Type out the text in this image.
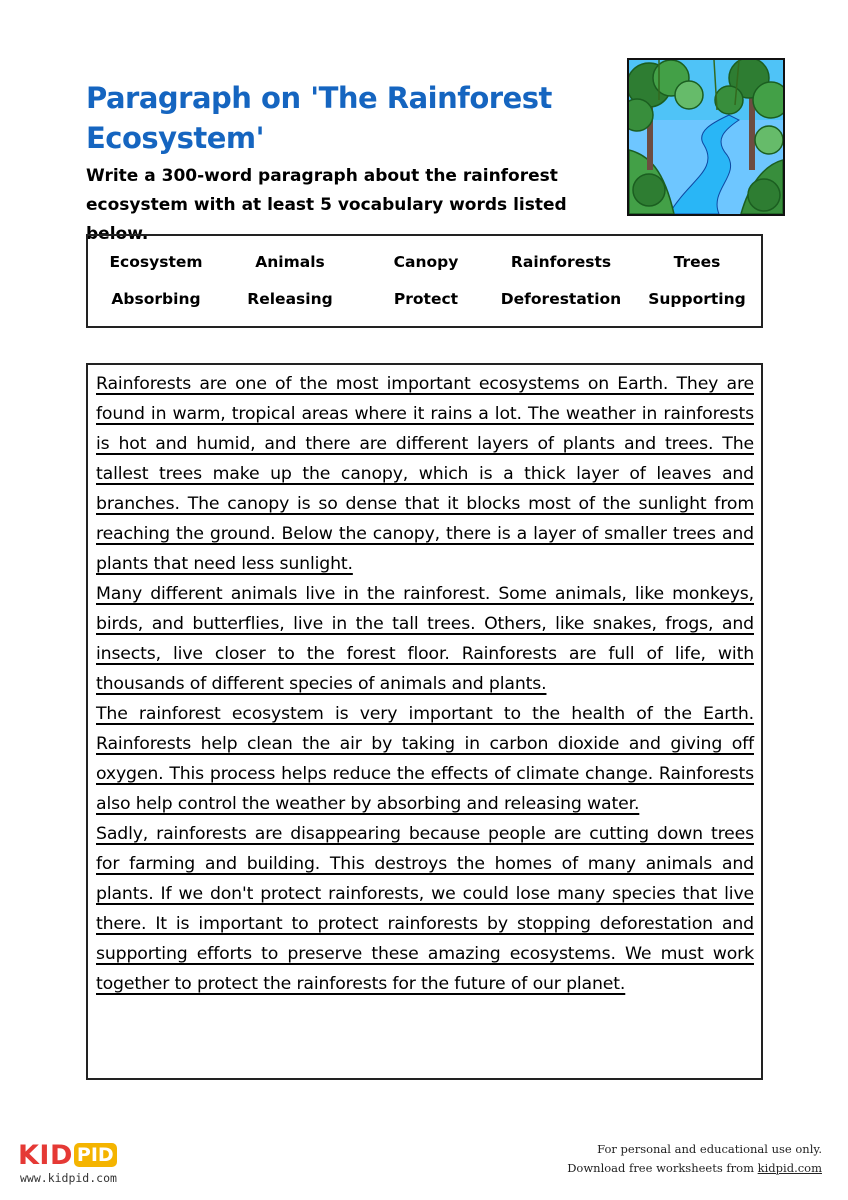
Paragraph on 'The Rainforest Ecosystem'
Write a 300-word paragraph about the rainforest ecosystem with at least 5 vocabulary words listed below.
Ecosystem	Animals	Canopy	Rainforests	Trees
Absorbing	Releasing	Protect	Deforestation	Supporting

Rainforests are one of the most important ecosystems on Earth. They are found in warm, tropical areas where it rains a lot. The weather in rainforests is hot and humid, and there are different layers of plants and trees. The tallest trees make up the canopy, which is a thick layer of leaves and branches. The canopy is so dense that it blocks most of the sunlight from reaching the ground. Below the canopy, there is a layer of smaller trees and plants that need less sunlight.

Many different animals live in the rainforest. Some animals, like monkeys, birds, and butterflies, live in the tall trees. Others, like snakes, frogs, and insects, live closer to the forest floor. Rainforests are full of life, with thousands of different species of animals and plants.

The rainforest ecosystem is very important to the health of the Earth. Rainforests help clean the air by taking in carbon dioxide and giving off oxygen. This process helps reduce the effects of climate change. Rainforests also help control the weather by absorbing and releasing water.

Sadly, rainforests are disappearing because people are cutting down trees for farming and building. This destroys the homes of many animals and plants. If we don't protect rainforests, we could lose many species that live there. It is important to protect rainforests by stopping deforestation and supporting efforts to preserve these amazing ecosystems. We must work together to protect the rainforests for the future of our planet.

KID PID
www.kidpid.com
For personal and educational use only.
Download free worksheets from kidpid.com
